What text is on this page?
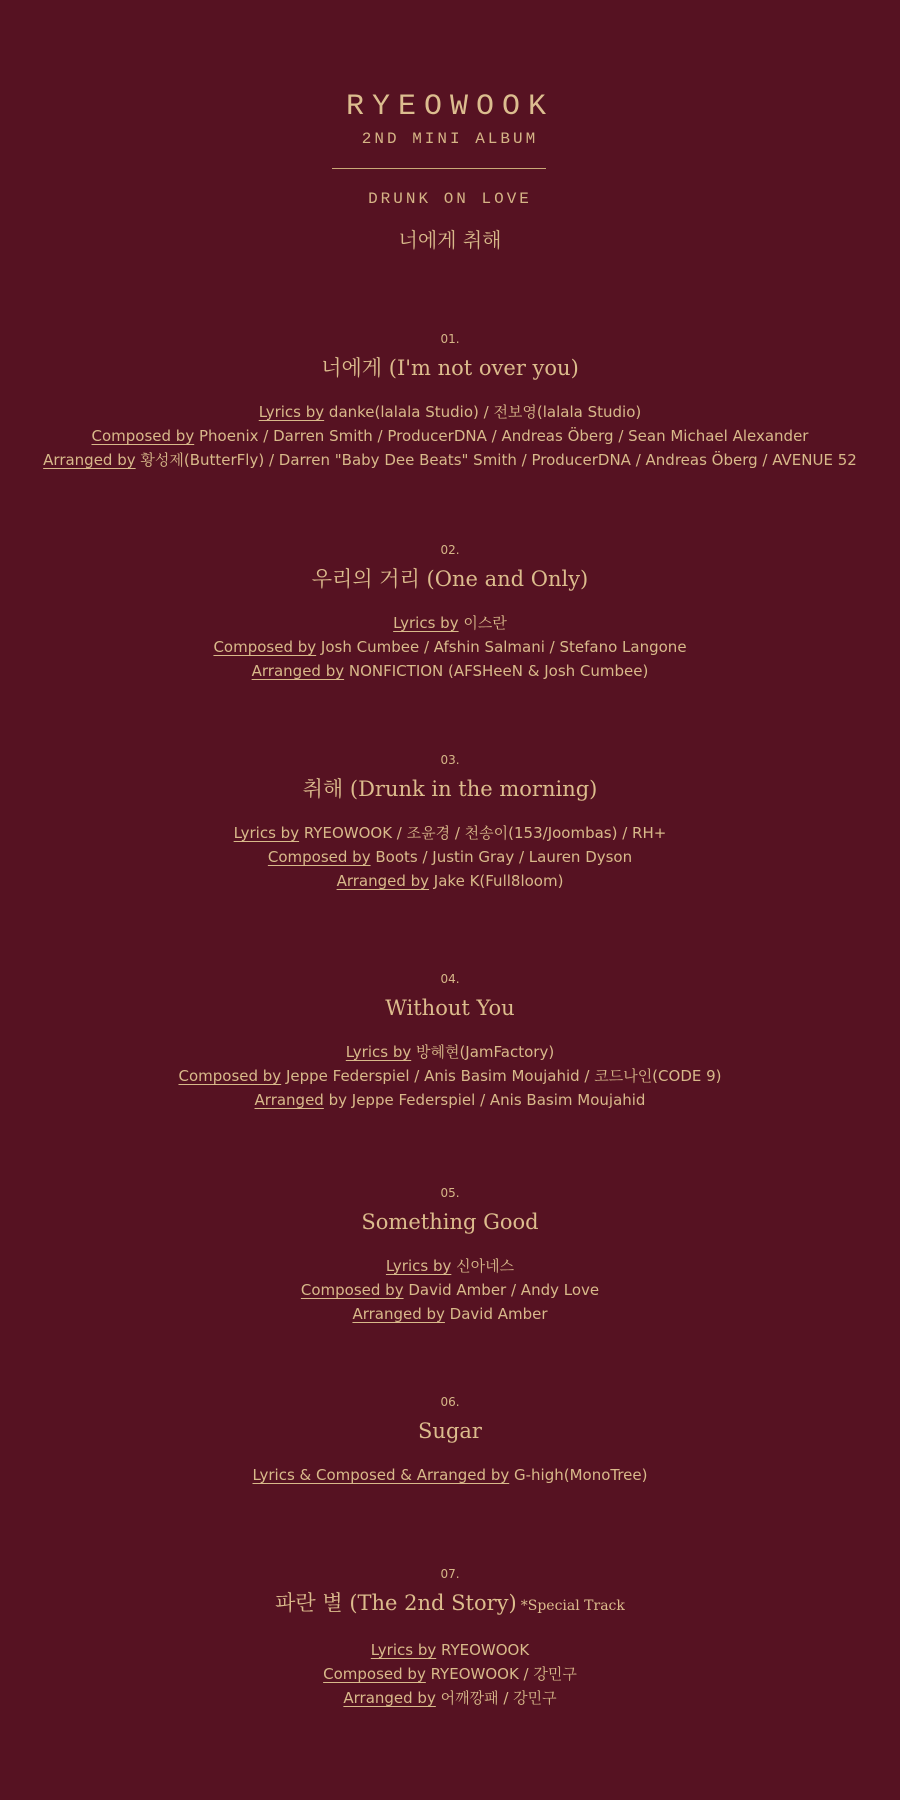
RYEOWOOK
2ND MINI ALBUM
DRUNK ON LOVE
너에게 취해
01.
너에게 (I'm not over you)
Lyrics by danke(lalala Studio) / 전보영(lalala Studio)
Composed by Phoenix / Darren Smith / ProducerDNA / Andreas Öberg / Sean Michael Alexander
Arranged by 황성제(ButterFly) / Darren "Baby Dee Beats" Smith / ProducerDNA / Andreas Öberg / AVENUE 52
02.
우리의 거리 (One and Only)
Lyrics by 이스란
Composed by Josh Cumbee / Afshin Salmani / Stefano Langone
Arranged by NONFICTION (AFSHeeN & Josh Cumbee)
03.
취해 (Drunk in the morning)
Lyrics by RYEOWOOK / 조윤경 / 천송이(153/Joombas) / RH+
Composed by Boots / Justin Gray / Lauren Dyson
Arranged by Jake K(Full8loom)
04.
Without You
Lyrics by 방혜현(JamFactory)
Composed by Jeppe Federspiel / Anis Basim Moujahid / 코드나인(CODE 9)
Arranged by Jeppe Federspiel / Anis Basim Moujahid
05.
Something Good
Lyrics by 신아네스
Composed by David Amber / Andy Love
Arranged by David Amber
06.
Sugar
Lyrics & Composed & Arranged by G-high(MonoTree)
07.
파란 별 (The 2nd Story) *Special Track
Lyrics by RYEOWOOK
Composed by RYEOWOOK / 강민구
Arranged by 어깨깡패 / 강민구
